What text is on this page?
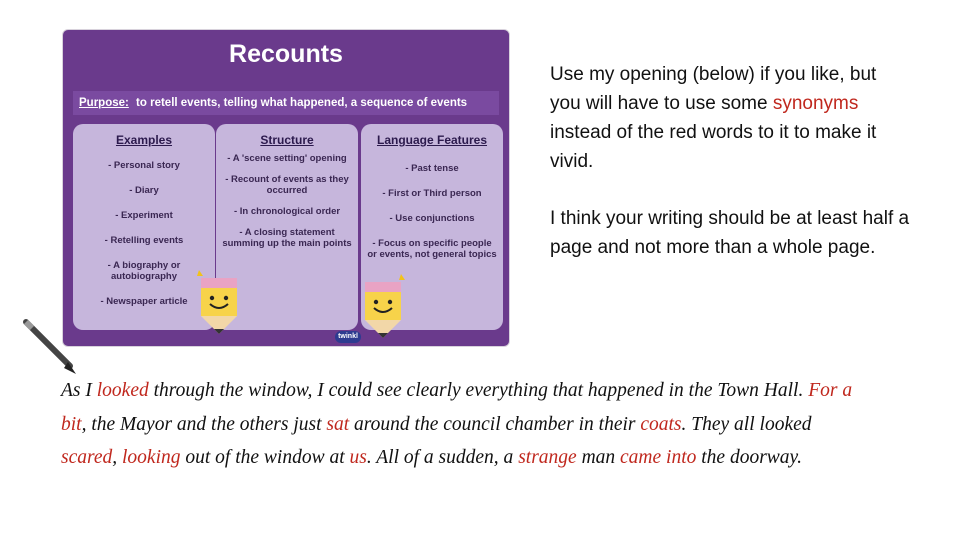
Recounts
Purpose: to retell events, telling what happened, a sequence of events
Examples
- Personal story
- Diary
- Experiment
- Retelling events
- A biography or autobiography
- Newspaper article
Structure
- A 'scene setting' opening
- Recount of events as they occurred
- In chronological order
- A closing statement summing up the main points
Language Features
- Past tense
- First or Third person
- Use conjunctions
- Focus on specific people or events, not general topics
twinkl
Use my opening (below) if you like, but you will have to use some synonyms instead of the red words to it to make it vivid.
I think your writing should be at least half a page and not more than a whole page.
As I looked through the window, I could see clearly everything that happened in the Town Hall. For a bit, the Mayor and the others just sat around the council chamber in their coats. They all looked scared, looking out of the window at us. All of a sudden, a strange man came into the doorway.
